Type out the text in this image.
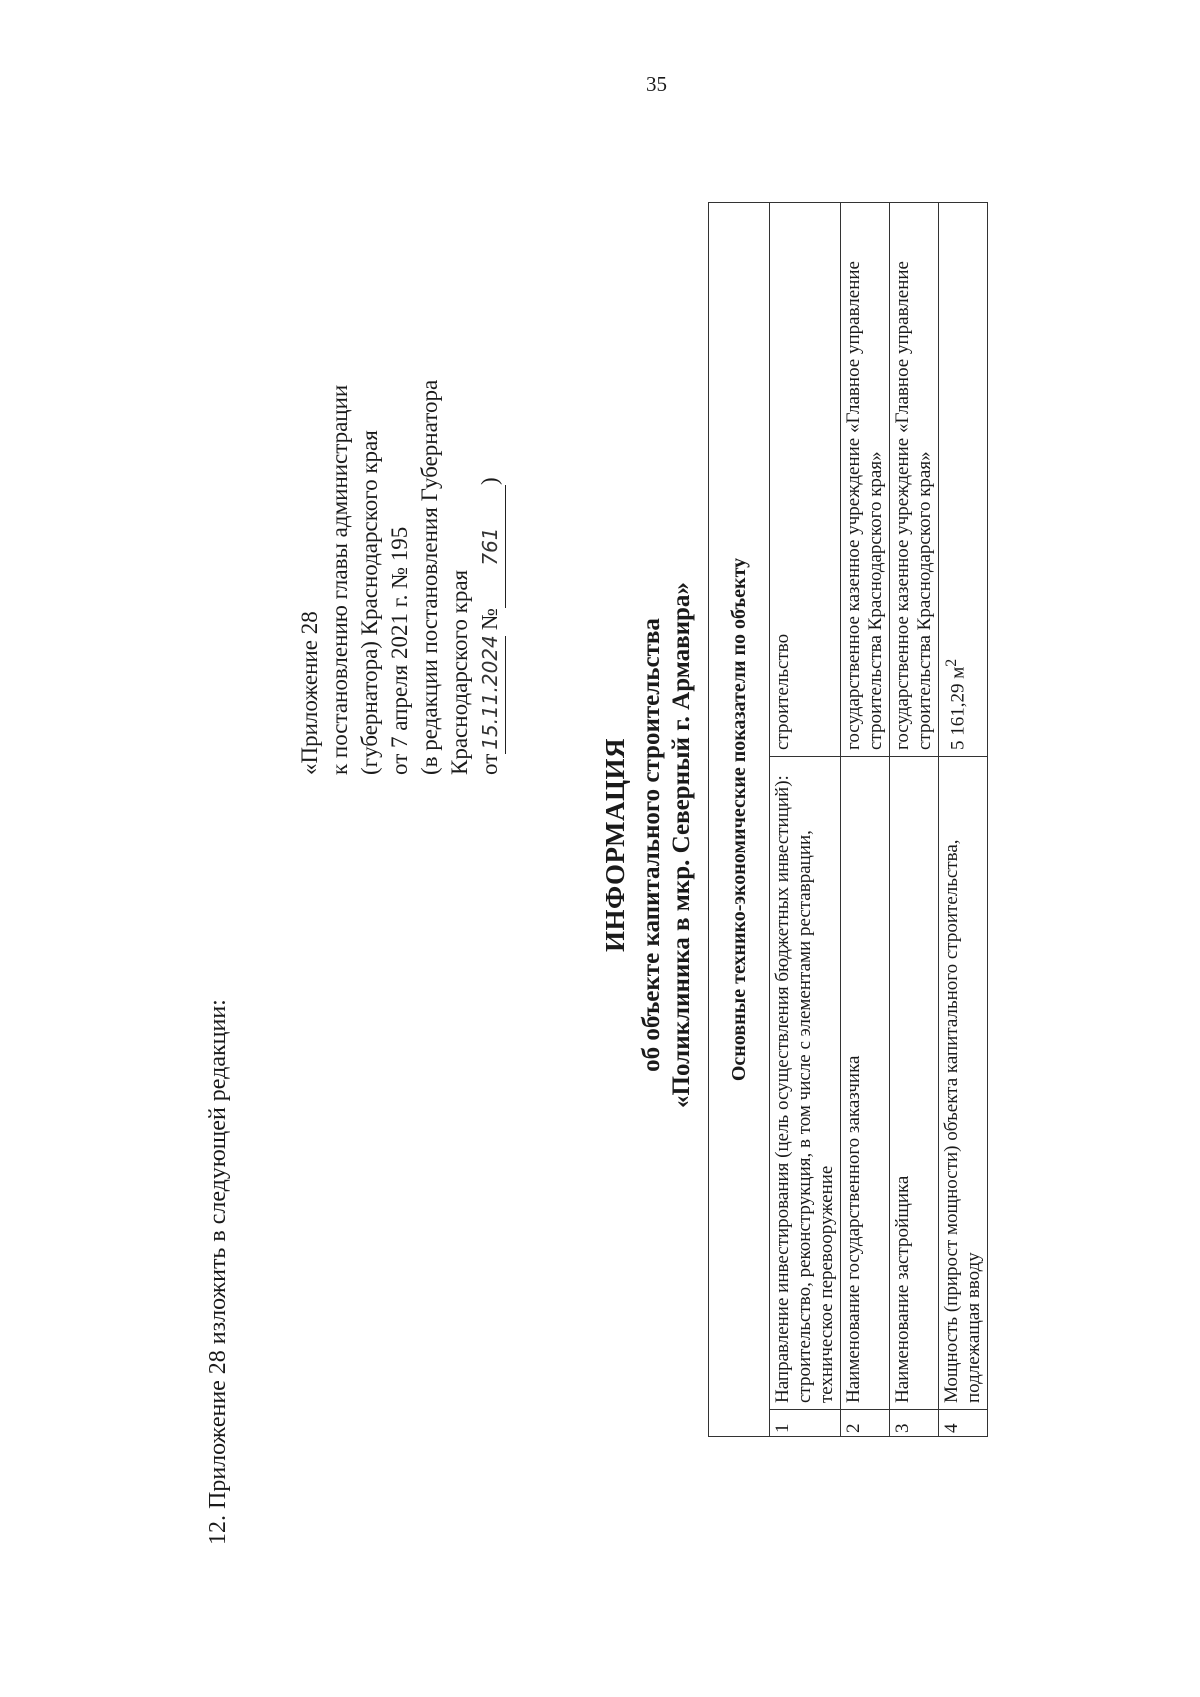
35
12. Приложение 28 изложить в следующей редакции:
«Приложение 28 к постановлению главы администрации (губернатора) Краснодарского края от 7 апреля 2021 г. № 195 (в редакции постановления Губернатора Краснодарского края от15.11.2024 №761)
ИНФОРМАЦИЯ об объекте капитального строительства «Поликлиника в мкр. Северный г. Армавира» Основные технико-экономические показатели по объекту		
1	Направление инвестирования (цель осуществления бюджетных инвестиций): строительство, реконструкция, в том числе с элементами реставрации, техническое перевооружение	строительство
2	Наименование государственного заказчика	государственное казенное учреждение «Главное управление строительства Краснодарского края»
3	Наименование застройщика	государственное казенное учреждение «Главное управление строительства Краснодарского края»
4	Мощность (прирост мощности) объекта капитального строительства, подлежащая вводу	5 161,29 $м^2$
